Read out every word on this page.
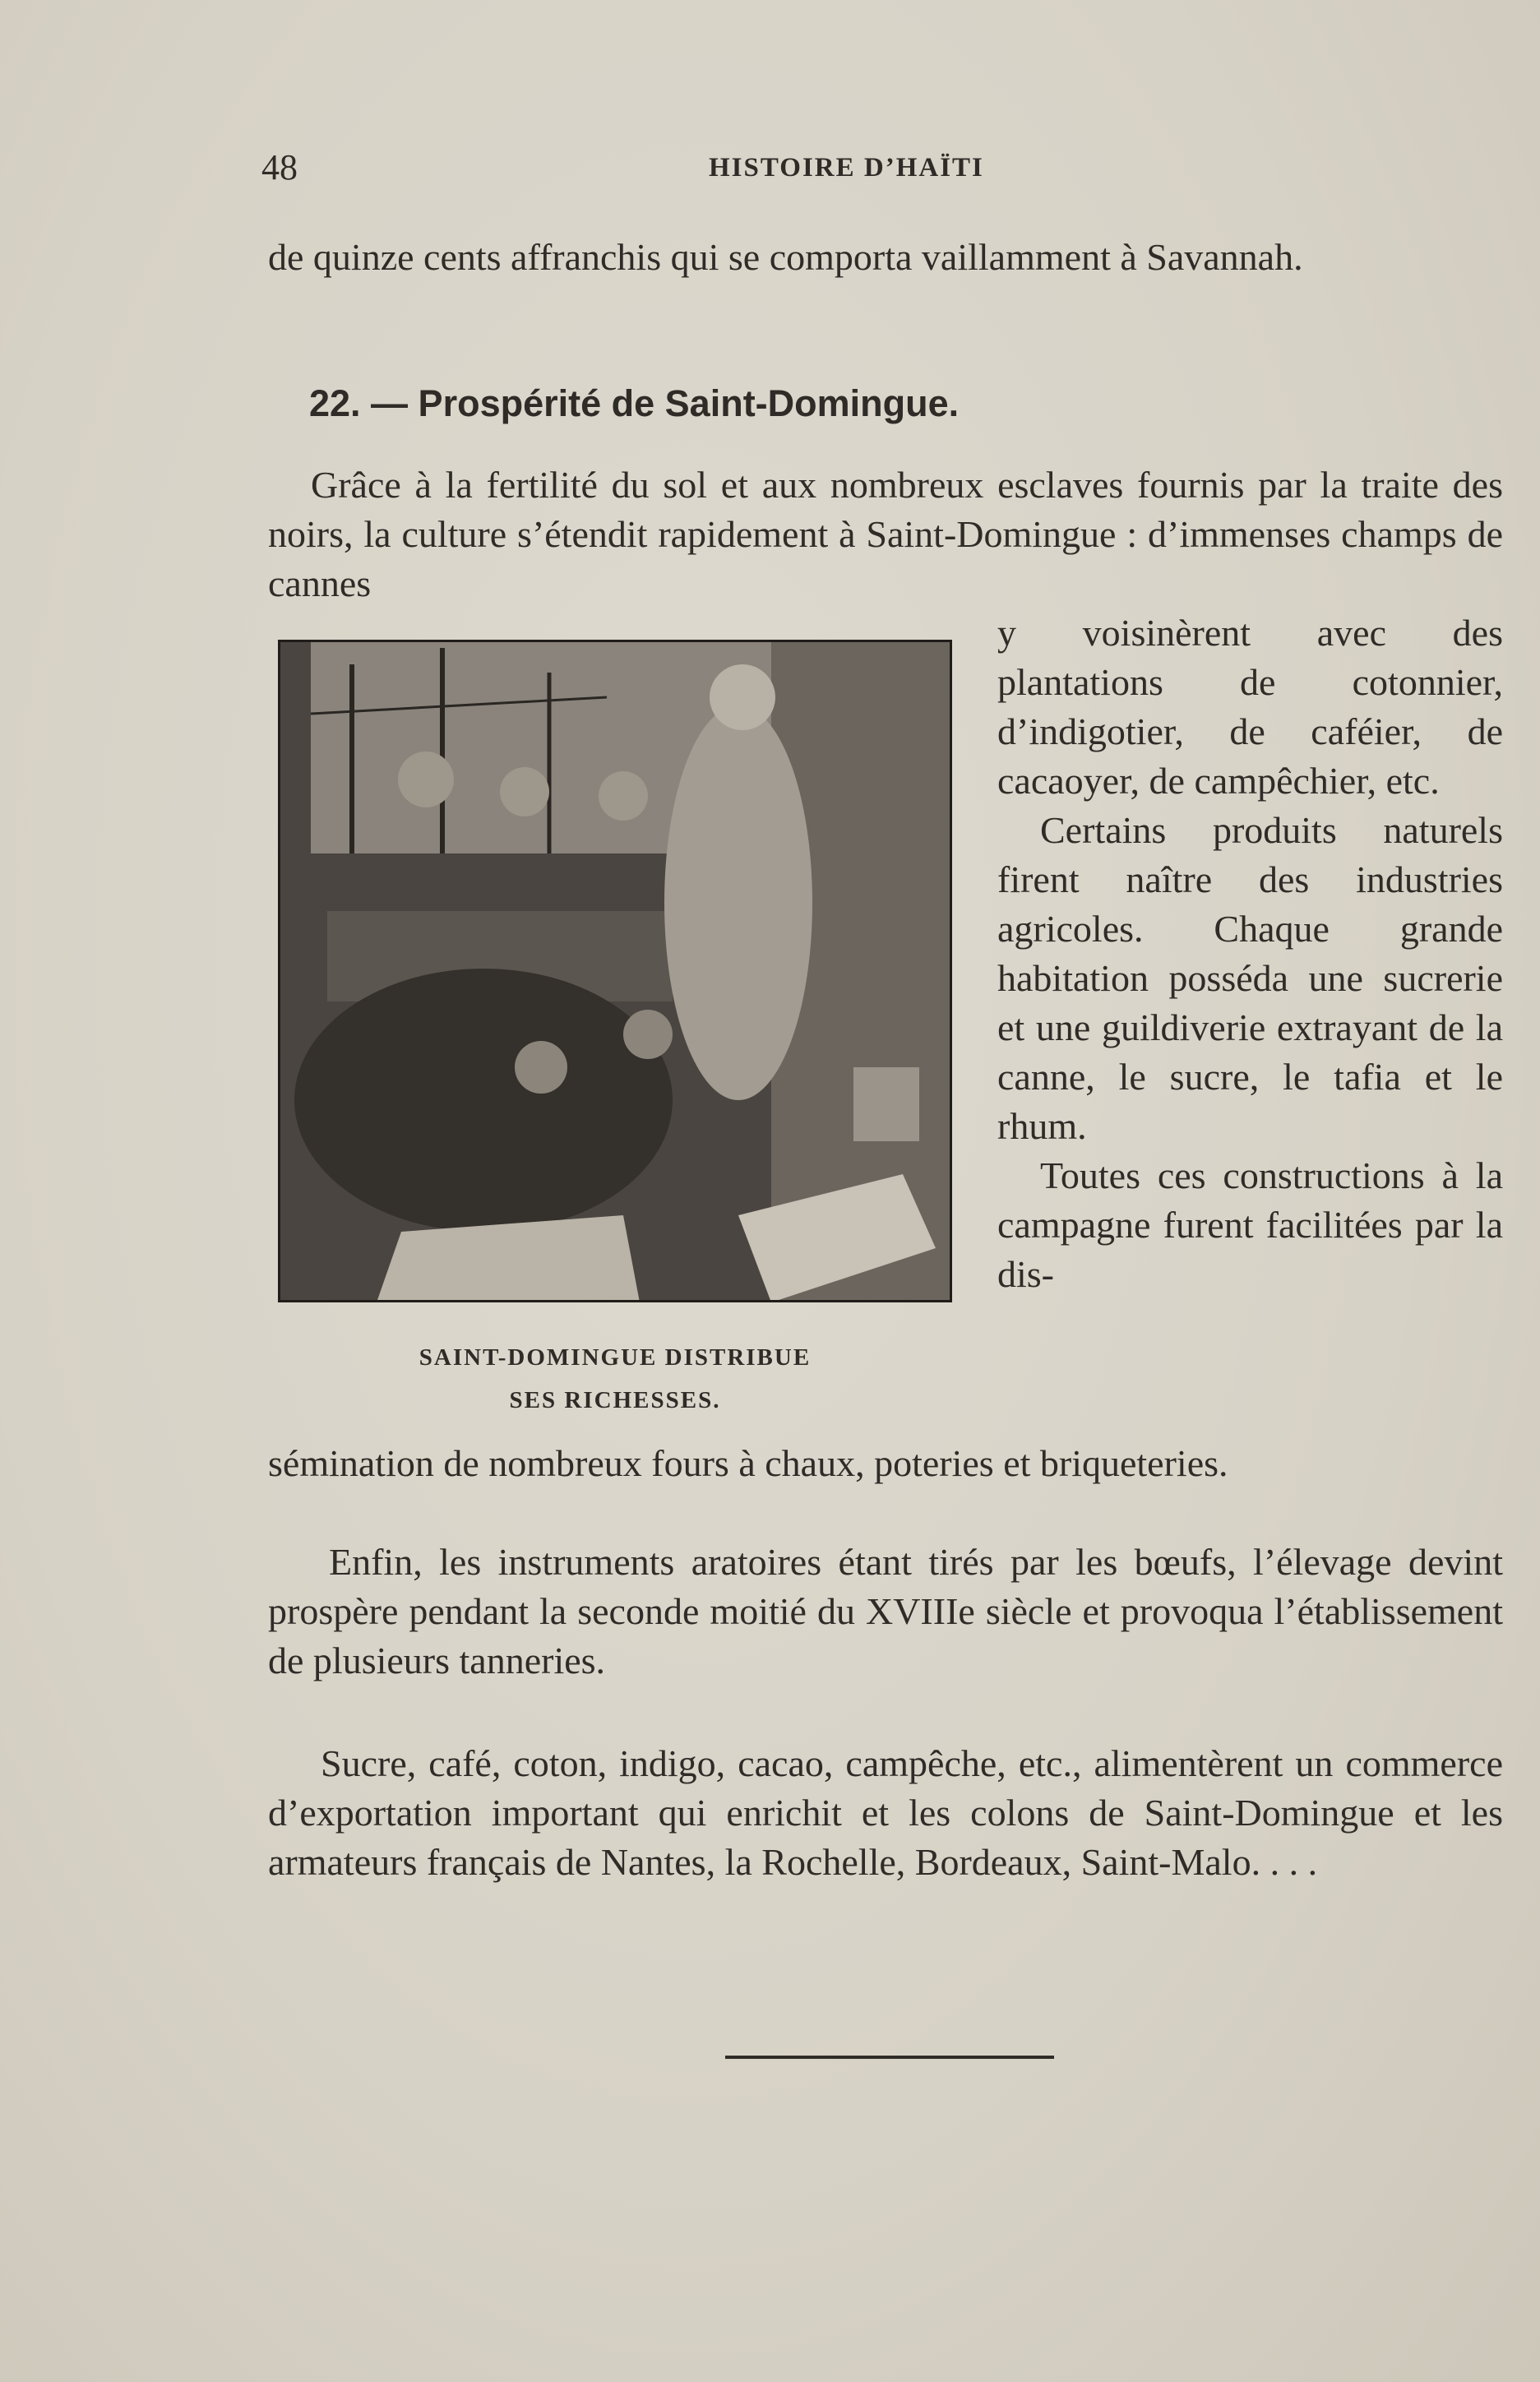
48	HISTOIRE D’HAÏTI
de quinze cents affranchis qui se comporta vaillamment à Savannah.
22. — Prospérité de Saint-Domingue.
Grâce à la fertilité du sol et aux nombreux esclaves fournis par la traite des noirs, la culture s’étendit rapidement à Saint-Domingue : d’immenses champs de cannes
SAINT-DOMINGUE DISTRIBUE
SES RICHESSES.

y voisinèrent avec des plantations de cotonnier, d’indigotier, de caféier, de cacaoyer, de campêchier, etc.

Certains produits naturels firent naître des industries agricoles. Chaque grande habitation posséda une sucrerie et une guildiverie extrayant de la canne, le sucre, le tafia et le rhum.

Toutes ces constructions à la campagne furent facilitées par la dis-

sémination de nombreux fours à chaux, poteries et briqueteries.
Enfin, les instruments aratoires étant tirés par les bœufs, l’élevage devint prospère pendant la seconde moitié du XVIIIe siècle et provoqua l’établissement de plusieurs tanneries.
Sucre, café, coton, indigo, cacao, campêche, etc., alimentèrent un commerce d’exportation important qui enrichit et les colons de Saint-Domingue et les armateurs français de Nantes, la Rochelle, Bordeaux, Saint-Malo. . . .
